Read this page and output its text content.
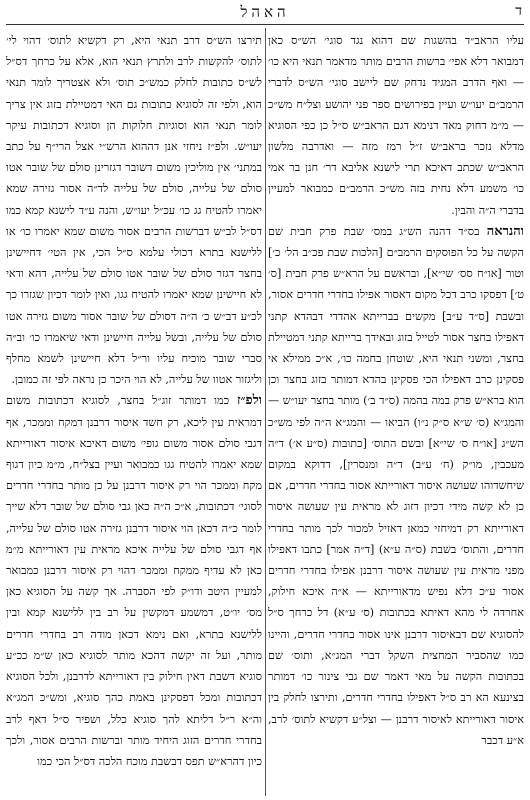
האהל	ד

עליו הראב״ד בהשגות שם דהוא נגד סוגי׳ הש״ס כאן דמבואר דלא אפי׳ ברשות הרבים מותר מדאמר תנאי היא כו׳ — ואף הדרב המגיד נדחק שם ליישב סוגי׳ הש״ס לדברי הרמב״ם יעו״ש ועיין בפירושים ספר פני יהושע וצל״ח מש״כ — מ״מ דחוק מאד דנימא דגם הראב״ש ס״ל כן כפי הסוגיא מדלא נזכר בראב״ש ז״ל רמז מזה — ואדרבה מלשון הראב״ש שכתב דאיכא תרי לישנא אליבא דר׳ חנן בר אמי כו׳ משמע דלא נחית בזה מש״כ הרמב״ם כמבואר למעיין בדברי ה״ה והבין.

והנראה בס״ד דהנה הש״ג במס׳ שבת פרק חבית שם הקשה על כל הפוסקים הרמב״ם [הלכות שבת פכ״ב הל׳ כ׳] וטור [או״ח סס׳ שי״א], ובראשם על הרא״ש פרק חבית [ס׳ ט׳] דפסקו כרב דכל מקום דאסור אפילו בחדרי חדרים אסור, ובשבת [ס״ד ע״ב] מקשים בברייתא אהדדי דבהדא קתני דאפילו בחצר אסור לטייל בזוג ובאידך ברייתא קתני דמטיילת בחצר, ומשני תנאי היא, שוטחן בחמה כו׳, א״כ ממילא אי פסקינן כרב דאפילו הכי פסקינן בהדא דמותר בזוג בחצר וכן הוא ברא״ש פרק במה בהמה (ס״ד ב׳) מותר בחצר יעו״ש — והמג״א (ס׳ ש״א ס״ק נ״ו) הביאו — והמג״א ה״ה לפי מש״כ הש״ג [או״ח ס׳ שי״א] ובשם התוס׳ [כתובות (ס״ע א׳) ד״ה מעכבין, מו״ק (ח׳ ע״ב) ד״ה ומנסרין], דדוקא במקום שיחשדוהו שעושה איסור דאורייתא אסור בחדרי חדרים, אם כן לא קשה מידי דכיון דזוג לא מראית עין שעושה איסור דאורייתא רק דמיחזי כמאן דאזיל למכור לכך מותר בחדרי חדרים, והתוס׳ בשבת (ס״ה ע״א) [ד״ה אמר] כתבו דאפילו מפני מראית עין שעושה איסור דרבנן אפילו בחדרי חדרים אסור ע״כ דלא נפיש מדאורייתא — א״ה איכא חילוק, אחרדה לי מהא דאיתא בכתובות (ס׳ ע״א) דל כרחך ס״ל להסוגיא שם דבאיסור דרבנן אינו אסור בחדרי חדרים, והיינו כמו שהסביר המחצית השקל דברי המג״א, ותוס׳ שם בכתובות הקשה על מאי דאמר שם גבי צינור כו׳ דמותר בצינעא הא רב ס״ל דאפילו בחדרי חדרים, ותירצו לחלק בין איסור דאורייתא לאיסור דרבנן — וצל״ע דקשיא לתוס׳ לרב, א״ע דכבר

תירצו הש״ס דרב תנאי היא, רק דקשיא לתוס׳ דהוי לי׳ לתוס׳ להקשות לרב ולתרץ תנאי הוא, אלא על כרחך דס״ל לש״ס כתובות לחלק כמש״כ תוס׳ ולא אצטריך לומר תנאי הוא, ולפי זה לסוגיא כתובות גם האי דמטיילת בזוג אין צריך לומר תנאי הוא וסוגיות חלוקות הן וסוגיא דכתובות עיקר יעו״ש. ולפ״ז ניחזי אנן דההוא הרש״י אצל הרי״ף על כתב במתני׳ אין מוליכין משום דשובר דגזרינן סולם של שובר אטו סולם של עלייה, סולם של עלייה לד״ה אסור גזירה שמא יאמרו להטיח גג כו׳ עכ״ל יעו״ש, והנה ע״ד לישנא קמא כמו דס״ל לב״ש דברשות הרבים אסור משום שמא יאמרו כו׳ או ללישנא בתרא דכולי עלמא ס״ל הכי, אין הטי׳ דחיישינן בחצר דגזר סולם של שובר אטו סולם של עלייה, דהא ודאי לא חיישינן שמא יאמרו להטיח גגו, ואין לומר דכיון שגזרו כך לכ״ע דב״ש כ׳ ה״ה דסולם של שובר אסור משום גזירה אטו סולם של עלייה, ובשל עלייה חיישינן ודאי שיאמרו כו׳ וב״ה סברי שובר מוכיח עליו ור״ל דלא חיישינן לשמא מחלף וליגזור אטוו של עלייה, לא הוי היכר כן נראה לפי זה כמובן.

ולפ״ז כמו דמותר זוג״ל בחצר, לסוגיא דכתובות משום דמראית עין ליכא, רק חשד איסור דרבנן דמקח וממכר, אף דגבי סולם אסור משום גופי׳ משום דאיכא איסור דאורייתא שמא יאמרו להטיח גגו כמבואר ועיין בצל״ח, מ״מ כיון דגוף מקח וממכר הוי רק איסור דרבנן על כן מותר בחדרי חדרים לסוגי׳ דכתובות, א״כ ה״ה כאן גבי סולם של שובר דלא שייך לומר כ״ה דכאן הוי איסור דרבנן גזירה אטו סולם של עלייה, אף דגבי סולם של עלייה איכא מראית עין דאורייתא מ״מ כאן לא עדיף ממקח וממכר דהוי רק איסור דרבנן כמבואר למעיין היטב ודו״ק לפי הסברה. אך קשה על הסוגיא כאן מס׳ יו״ט, דמשמע דמקשין על רב בין ללישנא קמא ובין ללישנא בתרא, ואם נימא דכאן מודה רב בחדרי חדרים מותר, ועל זה יקשה דהכא מותר לסוגיא כאן ש״מ ככ״ע סוגיא דשבת דאין חילוק בין דאורייתא לדרבנן, ולכל הסוגיא דכתובות ומכל דפסקינן באמת כהך סוגיא, ומש״כ המג״א וה״א ר״ל דליתא להך סוגיא כלל, ושפיר ס״ל דאף לרב בחדרי חדרים הזוג היחיד מותר וברשות הרבים אסור, ולכך כיון דהרא״ש תפס דבשבת מוכח הלכה דס״ל הכי כמו
